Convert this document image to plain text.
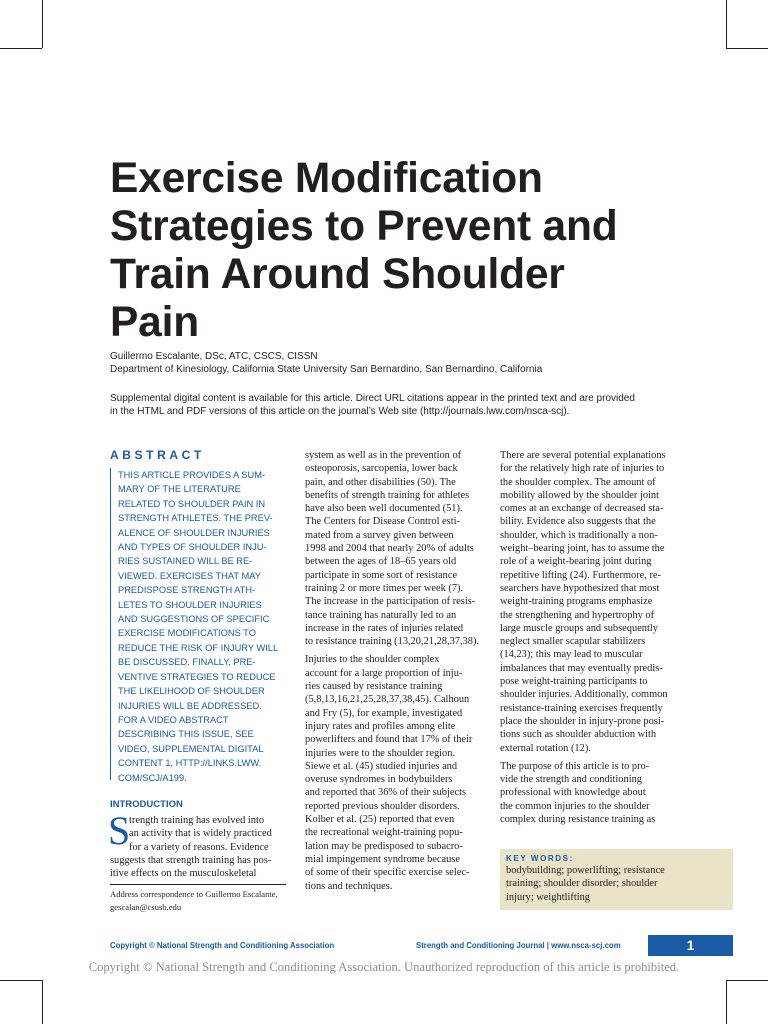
Exercise Modification
Strategies to Prevent and
Train Around Shoulder
Pain
Guillermo Escalante, DSc, ATC, CSCS, CISSN
Department of Kinesiology, California State University San Bernardino, San Bernardino, California
Supplemental digital content is available for this article. Direct URL citations appear in the printed text and are provided
in the HTML and PDF versions of this article on the journal’s Web site (http://journals.lww.com/nsca-scj).
ABSTRACT
THIS ARTICLE PROVIDES A SUM-
MARY OF THE LITERATURE
RELATED TO SHOULDER PAIN IN
STRENGTH ATHLETES. THE PREV-
ALENCE OF SHOULDER INJURIES
AND TYPES OF SHOULDER INJU-
RIES SUSTAINED WILL BE RE-
VIEWED. EXERCISES THAT MAY
PREDISPOSE STRENGTH ATH-
LETES TO SHOULDER INJURIES
AND SUGGESTIONS OF SPECIFIC
EXERCISE MODIFICATIONS TO
REDUCE THE RISK OF INJURY WILL
BE DISCUSSED. FINALLY, PRE-
VENTIVE STRATEGIES TO REDUCE
THE LIKELIHOOD OF SHOULDER
INJURIES WILL BE ADDRESSED.
FOR A VIDEO ABSTRACT
DESCRIBING THIS ISSUE, SEE
VIDEO, SUPPLEMENTAL DIGITAL
CONTENT 1, HTTP://LINKS.LWW.
COM/SCJ/A199.
INTRODUCTION
S
trength training has evolved into
an activity that is widely practiced
for a variety of reasons. Evidence
suggests that strength training has pos-
itive effects on the musculoskeletal
Address correspondence to Guillermo Escalante,
gescalan@csusb.edu
system as well as in the prevention of
osteoporosis, sarcopenia, lower back
pain, and other disabilities (50). The
benefits of strength training for athletes
have also been well documented (51).
The Centers for Disease Control esti-
mated from a survey given between
1998 and 2004 that nearly 20% of adults
between the ages of 18–65 years old
participate in some sort of resistance
training 2 or more times per week (7).
The increase in the participation of resis-
tance training has naturally led to an
increase in the rates of injuries related
to resistance training (13,20,21,28,37,38).
Injuries to the shoulder complex
account for a large proportion of inju-
ries caused by resistance training
(5,8,13,16,21,25,28,37,38,45). Calhoun
and Fry (5), for example, investigated
injury rates and profiles among elite
powerlifters and found that 17% of their
injuries were to the shoulder region.
Siewe et al. (45) studied injuries and
overuse syndromes in bodybuilders
and reported that 36% of their subjects
reported previous shoulder disorders.
Kolber et al. (25) reported that even
the recreational weight-training popu-
lation may be predisposed to subacro-
mial impingement syndrome because
of some of their specific exercise selec-
tions and techniques.
There are several potential explanations
for the relatively high rate of injuries to
the shoulder complex. The amount of
mobility allowed by the shoulder joint
comes at an exchange of decreased sta-
bility. Evidence also suggests that the
shoulder, which is traditionally a non-
weight–bearing joint, has to assume the
role of a weight-bearing joint during
repetitive lifting (24). Furthermore, re-
searchers have hypothesized that most
weight-training programs emphasize
the strengthening and hypertrophy of
large muscle groups and subsequently
neglect smaller scapular stabilizers
(14,23); this may lead to muscular
imbalances that may eventually predis-
pose weight-training participants to
shoulder injuries. Additionally, common
resistance-training exercises frequently
place the shoulder in injury-prone posi-
tions such as shoulder abduction with
external rotation (12).
The purpose of this article is to pro-
vide the strength and conditioning
professional with knowledge about
the common injuries to the shoulder
complex during resistance training as
KEY WORDS:
bodybuilding; powerlifting; resistance
training; shoulder disorder; shoulder
injury; weightlifting
Copyright © National Strength and Conditioning Association	Strength and Conditioning Journal | www.nsca-scj.com	1
Copyright © National Strength and Conditioning Association. Unauthorized reproduction of this article is prohibited.
